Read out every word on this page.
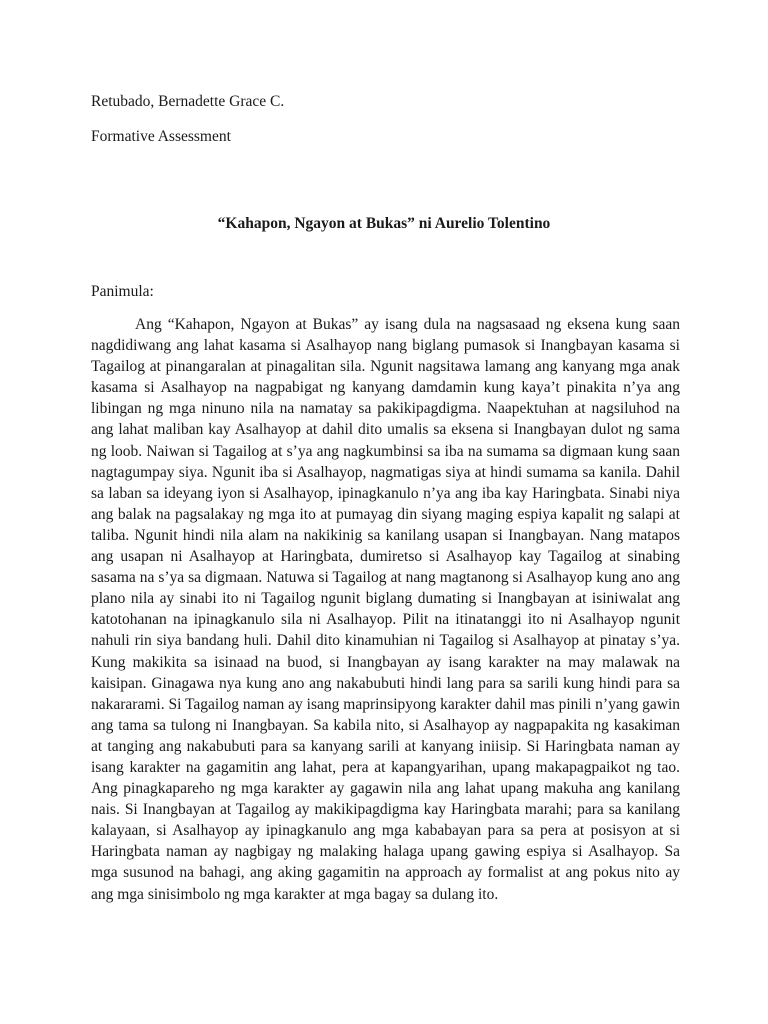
Retubado, Bernadette Grace C.

Formative Assessment

“Kahapon, Ngayon at Bukas” ni Aurelio Tolentino

Panimula:

Ang “Kahapon, Ngayon at Bukas” ay isang dula na nagsasaad ng eksena kung saan nagdidiwang ang lahat kasama si Asalhayop nang biglang pumasok si Inangbayan kasama si Tagailog at pinangaralan at pinagalitan sila. Ngunit nagsitawa lamang ang kanyang mga anak kasama si Asalhayop na nagpabigat ng kanyang damdamin kung kaya’t pinakita n’ya ang libingan ng mga ninuno nila na namatay sa pakikipagdigma. Naapektuhan at nagsiluhod na ang lahat maliban kay Asalhayop at dahil dito umalis sa eksena si Inangbayan dulot ng sama ng loob. Naiwan si Tagailog at s’ya ang nagkumbinsi sa iba na sumama sa digmaan kung saan nagtagumpay siya. Ngunit iba si Asalhayop, nagmatigas siya at hindi sumama sa kanila. Dahil sa laban sa ideyang iyon si Asalhayop, ipinagkanulo n’ya ang iba kay Haringbata. Sinabi niya ang balak na pagsalakay ng mga ito at pumayag din siyang maging espiya kapalit ng salapi at taliba. Ngunit hindi nila alam na nakikinig sa kanilang usapan si Inangbayan. Nang matapos ang usapan ni Asalhayop at Haringbata, dumiretso si Asalhayop kay Tagailog at sinabing sasama na s’ya sa digmaan. Natuwa si Tagailog at nang magtanong si Asalhayop kung ano ang plano nila ay sinabi ito ni Tagailog ngunit biglang dumating si Inangbayan at isiniwalat ang katotohanan na ipinagkanulo sila ni Asalhayop. Pilit na itinatanggi ito ni Asalhayop ngunit nahuli rin siya bandang huli. Dahil dito kinamuhian ni Tagailog si Asalhayop at pinatay s’ya. Kung makikita sa isinaad na buod, si Inangbayan ay isang karakter na may malawak na kaisipan. Ginagawa nya kung ano ang nakabubuti hindi lang para sa sarili kung hindi para sa nakararami. Si Tagailog naman ay isang maprinsipyong karakter dahil mas pinili n’yang gawin ang tama sa tulong ni Inangbayan. Sa kabila nito, si Asalhayop ay nagpapakita ng kasakiman at tanging ang nakabubuti para sa kanyang sarili at kanyang iniisip. Si Haringbata naman ay isang karakter na gagamitin ang lahat, pera at kapangyarihan, upang makapagpaikot ng tao. Ang pinagkapareho ng mga karakter ay gagawin nila ang lahat upang makuha ang kanilang nais. Si Inangbayan at Tagailog ay makikipagdigma kay Haringbata marahi; para sa kanilang kalayaan, si Asalhayop ay ipinagkanulo ang mga kababayan para sa pera at posisyon at si Haringbata naman ay nagbigay ng malaking halaga upang gawing espiya si Asalhayop. Sa mga susunod na bahagi, ang aking gagamitin na approach ay formalist at ang pokus nito ay ang mga sinisimbolo ng mga karakter at mga bagay sa dulang ito.
